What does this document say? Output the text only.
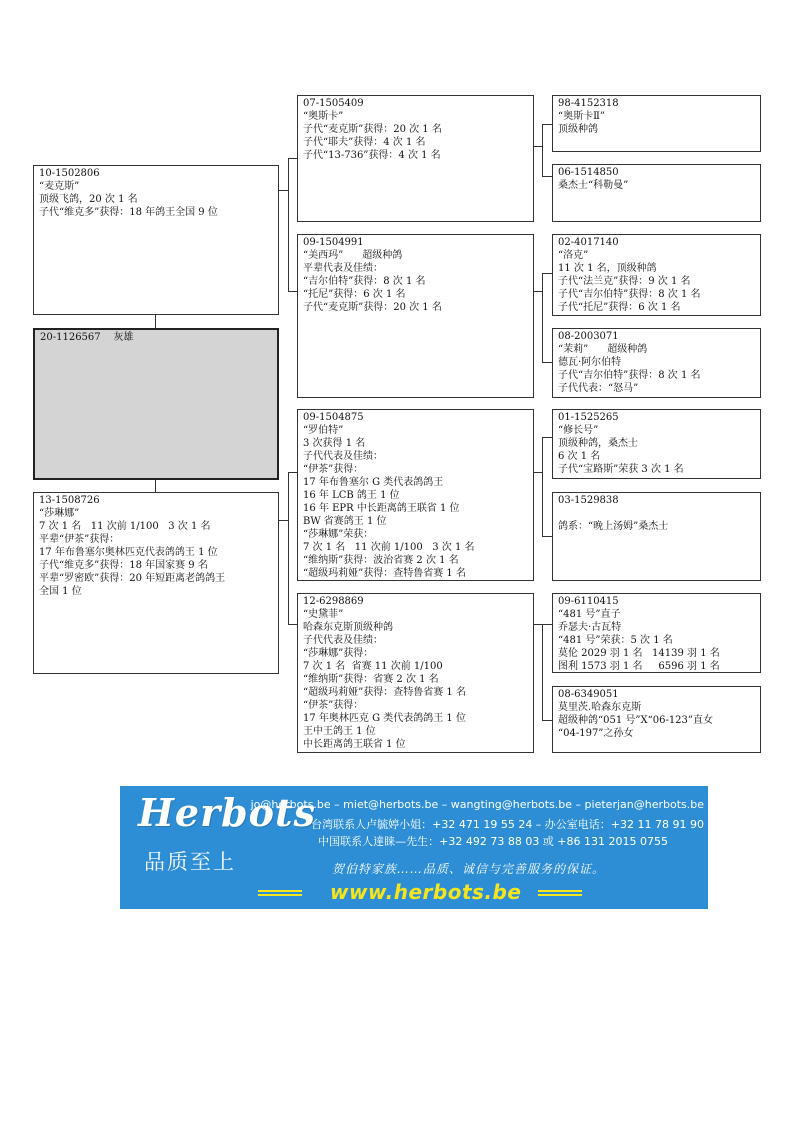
10-1502806
“麦克斯”
顶级飞鸽，20 次 1 名
子代“维克多”获得：18 年鸽王全国 9 位
20-1126567    灰雄
13-1508726
“莎琳娜”
7 次 1 名   11 次前 1/100   3 次 1 名
平辈“伊茶”获得：
17 年布鲁塞尔奥林匹克代表鸽鸽王 1 位
子代“维克多”获得：18 年国家赛 9 名
平辈“罗密欧”获得：20 年短距离老鸽鸽王
全国 1 位
07-1505409
“奥斯卡”
子代“麦克斯”获得：20 次 1 名
子代“耶夫”获得：4 次 1 名
子代“13-736”获得：4 次 1 名
09-1504991
“美西玛”      超级种鸽
平辈代表及佳绩：
“吉尔伯特”获得：8 次 1 名
“托尼”获得：6 次 1 名
子代“麦克斯”获得：20 次 1 名
09-1504875
“罗伯特”
3 次获得 1 名
子代代表及佳绩：
“伊茶”获得：
17 年布鲁塞尔 G 类代表鸽鸽王
16 年 LCB 鸽王 1 位
16 年 EPR 中长距离鸽王联省 1 位
BW 省赛鸽王 1 位
“莎琳娜”荣获：
7 次 1 名   11 次前 1/100   3 次 1 名
“维纳斯”获得：波治省赛 2 次 1 名
“超级玛莉娅”获得：查特鲁省赛 1 名
12-6298869
“史黛菲”
哈森东克斯顶级种鸽
子代代表及佳绩：
“莎琳娜”获得：
7 次 1 名  省赛 11 次前 1/100
“维纳斯”获得：省赛 2 次 1 名
“超级玛莉娅”获得：查特鲁省赛 1 名
“伊茶”获得：
17 年奥林匹克 G 类代表鸽鸽王 1 位
王中王鸽王 1 位
中长距离鸽王联省 1 位
98-4152318
“奥斯卡Ⅱ”
顶级种鸽
06-1514850
桑杰士“科勒曼”
02-4017140
“洛克”
11 次 1 名，顶级种鸽
子代“法兰克”获得：9 次 1 名
子代“吉尔伯特”获得：8 次 1 名
子代“托尼”获得：6 次 1 名
08-2003071
“茉莉”      超级种鸽
德瓦·阿尔伯特
子代“吉尔伯特”获得：8 次 1 名
子代代表：“怒马”
01-1525265
“修长号”
顶级种鸽，桑杰士
6 次 1 名
子代“宝路斯”荣获 3 次 1 名
03-1529838

鸽系：“晚上汤姆”桑杰士
09-6110415
“481 号”直子
乔瑟夫·古瓦特
“481 号”荣获：5 次 1 名
莫伦 2029 羽 1 名   14139 羽 1 名
图利 1573 羽 1 名     6596 羽 1 名
08-6349051
莫里茨.哈森东克斯
超级种鸽“051 号”X“06-123”直女
“04-197”之孙女
Herbots
品质至上
jo@herbots.be – miet@herbots.be – wangting@herbots.be – pieterjan@herbots.be
台湾联系人卢毓婷小姐：+32 471 19 55 24 – 办公室电话：+32 11 78 91 90
中国联系人達睐—先生：+32 492 73 88 03 或 +86 131 2015 0755
贺伯特家族……品质、诚信与完善服务的保证。
www.herbots.be
